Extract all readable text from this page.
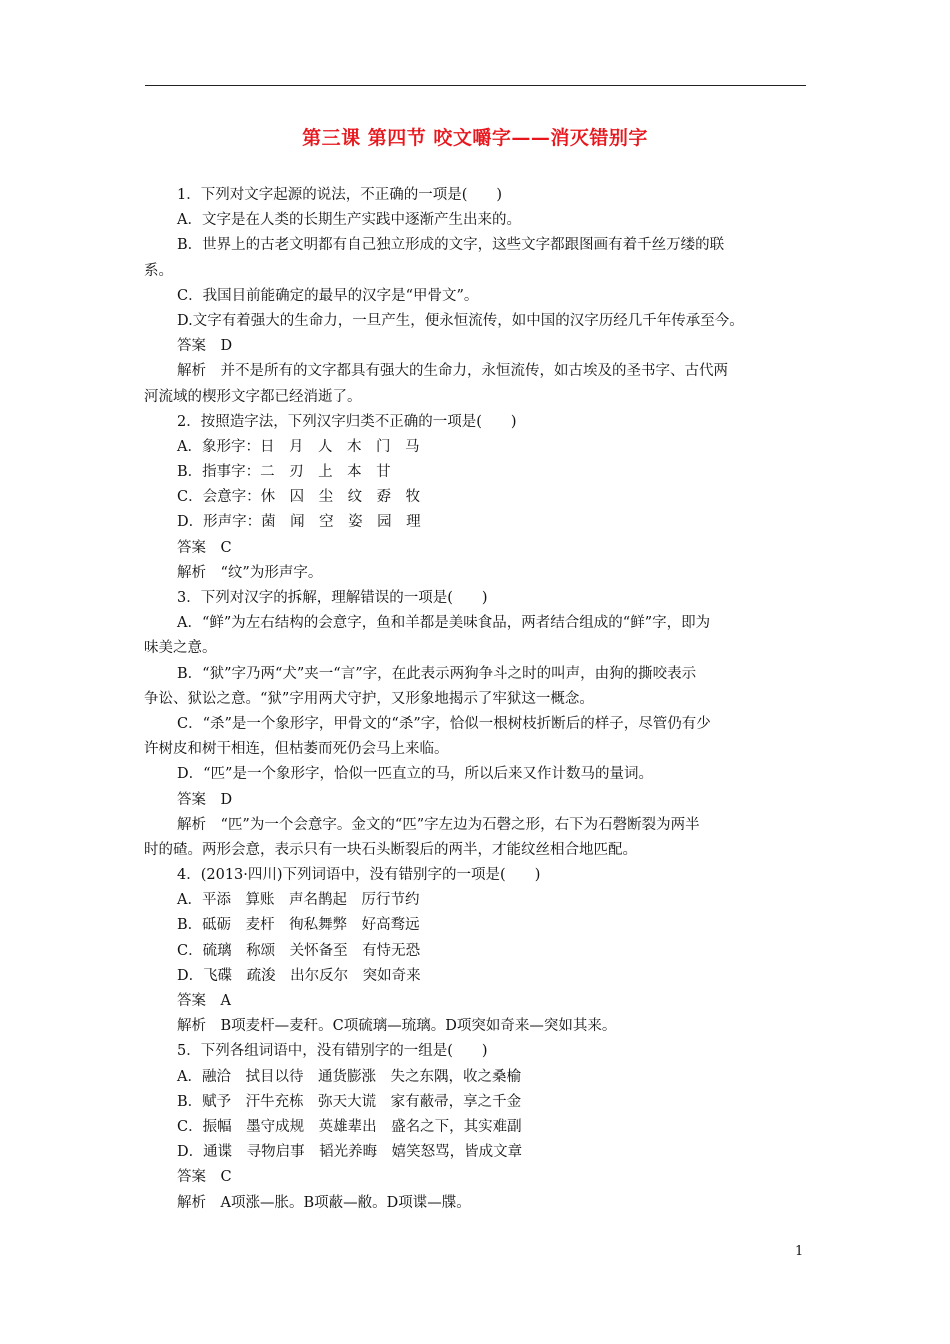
第三课 第四节 咬文嚼字——消灭错别字
1．下列对文字起源的说法，不正确的一项是(　　)
A．文字是在人类的长期生产实践中逐渐产生出来的。
B．世界上的古老文明都有自己独立形成的文字，这些文字都跟图画有着千丝万缕的联
系。
C．我国目前能确定的最早的汉字是“甲骨文”。
D.文字有着强大的生命力，一旦产生，便永恒流传，如中国的汉字历经几千年传承至今。
答案　D
解析　并不是所有的文字都具有强大的生命力，永恒流传，如古埃及的圣书字、古代两
河流域的楔形文字都已经消逝了。
2．按照造字法，下列汉字归类不正确的一项是(　　)
A．象形字：日　月　人　木　门　马
B．指事字：二　刃　上　本　甘
C．会意字：休　囚　尘　纹　孬　牧
D．形声字：菌　闻　空　姿　园　理
答案　C
解析　“纹”为形声字。
3．下列对汉字的拆解，理解错误的一项是(　　)
A．“鲜”为左右结构的会意字，鱼和羊都是美味食品，两者结合组成的“鲜”字，即为
味美之意。
B．“狱”字乃两“犬”夹一“言”字，在此表示两狗争斗之时的叫声，由狗的撕咬表示
争讼、狱讼之意。“狱”字用两犬守护，又形象地揭示了牢狱这一概念。
C．“杀”是一个象形字，甲骨文的“杀”字，恰似一根树枝折断后的样子，尽管仍有少
许树皮和树干相连，但枯萎而死仍会马上来临。
D．“匹”是一个象形字，恰似一匹直立的马，所以后来又作计数马的量词。
答案　D
解析　“匹”为一个会意字。金文的“匹”字左边为石磬之形，右下为石磬断裂为两半
时的碴。两形会意，表示只有一块石头断裂后的两半，才能纹丝相合地匹配。
4．(2013·四川)下列词语中，没有错别字的一项是(　　)
A．平添　算账　声名鹊起　厉行节约
B．砥砺　麦杆　徇私舞弊　好高骛远
C．硫璃　称颂　关怀备至　有恃无恐
D．飞碟　疏浚　出尔反尔　突如奇来
答案　A
解析　B项麦杆—麦秆。C项硫璃—琉璃。D项突如奇来—突如其来。
5．下列各组词语中，没有错别字的一组是(　　)
A．融洽　拭目以待　通货膨涨　失之东隅，收之桑榆
B．赋予　汗牛充栋　弥天大谎　家有蔽帚，享之千金
C．振幅　墨守成规　英雄辈出　盛名之下，其实难副
D．通谍　寻物启事　韬光养晦　嬉笑怒骂，皆成文章
答案　C
解析　A项涨—胀。B项蔽—敝。D项谍—牒。
1
